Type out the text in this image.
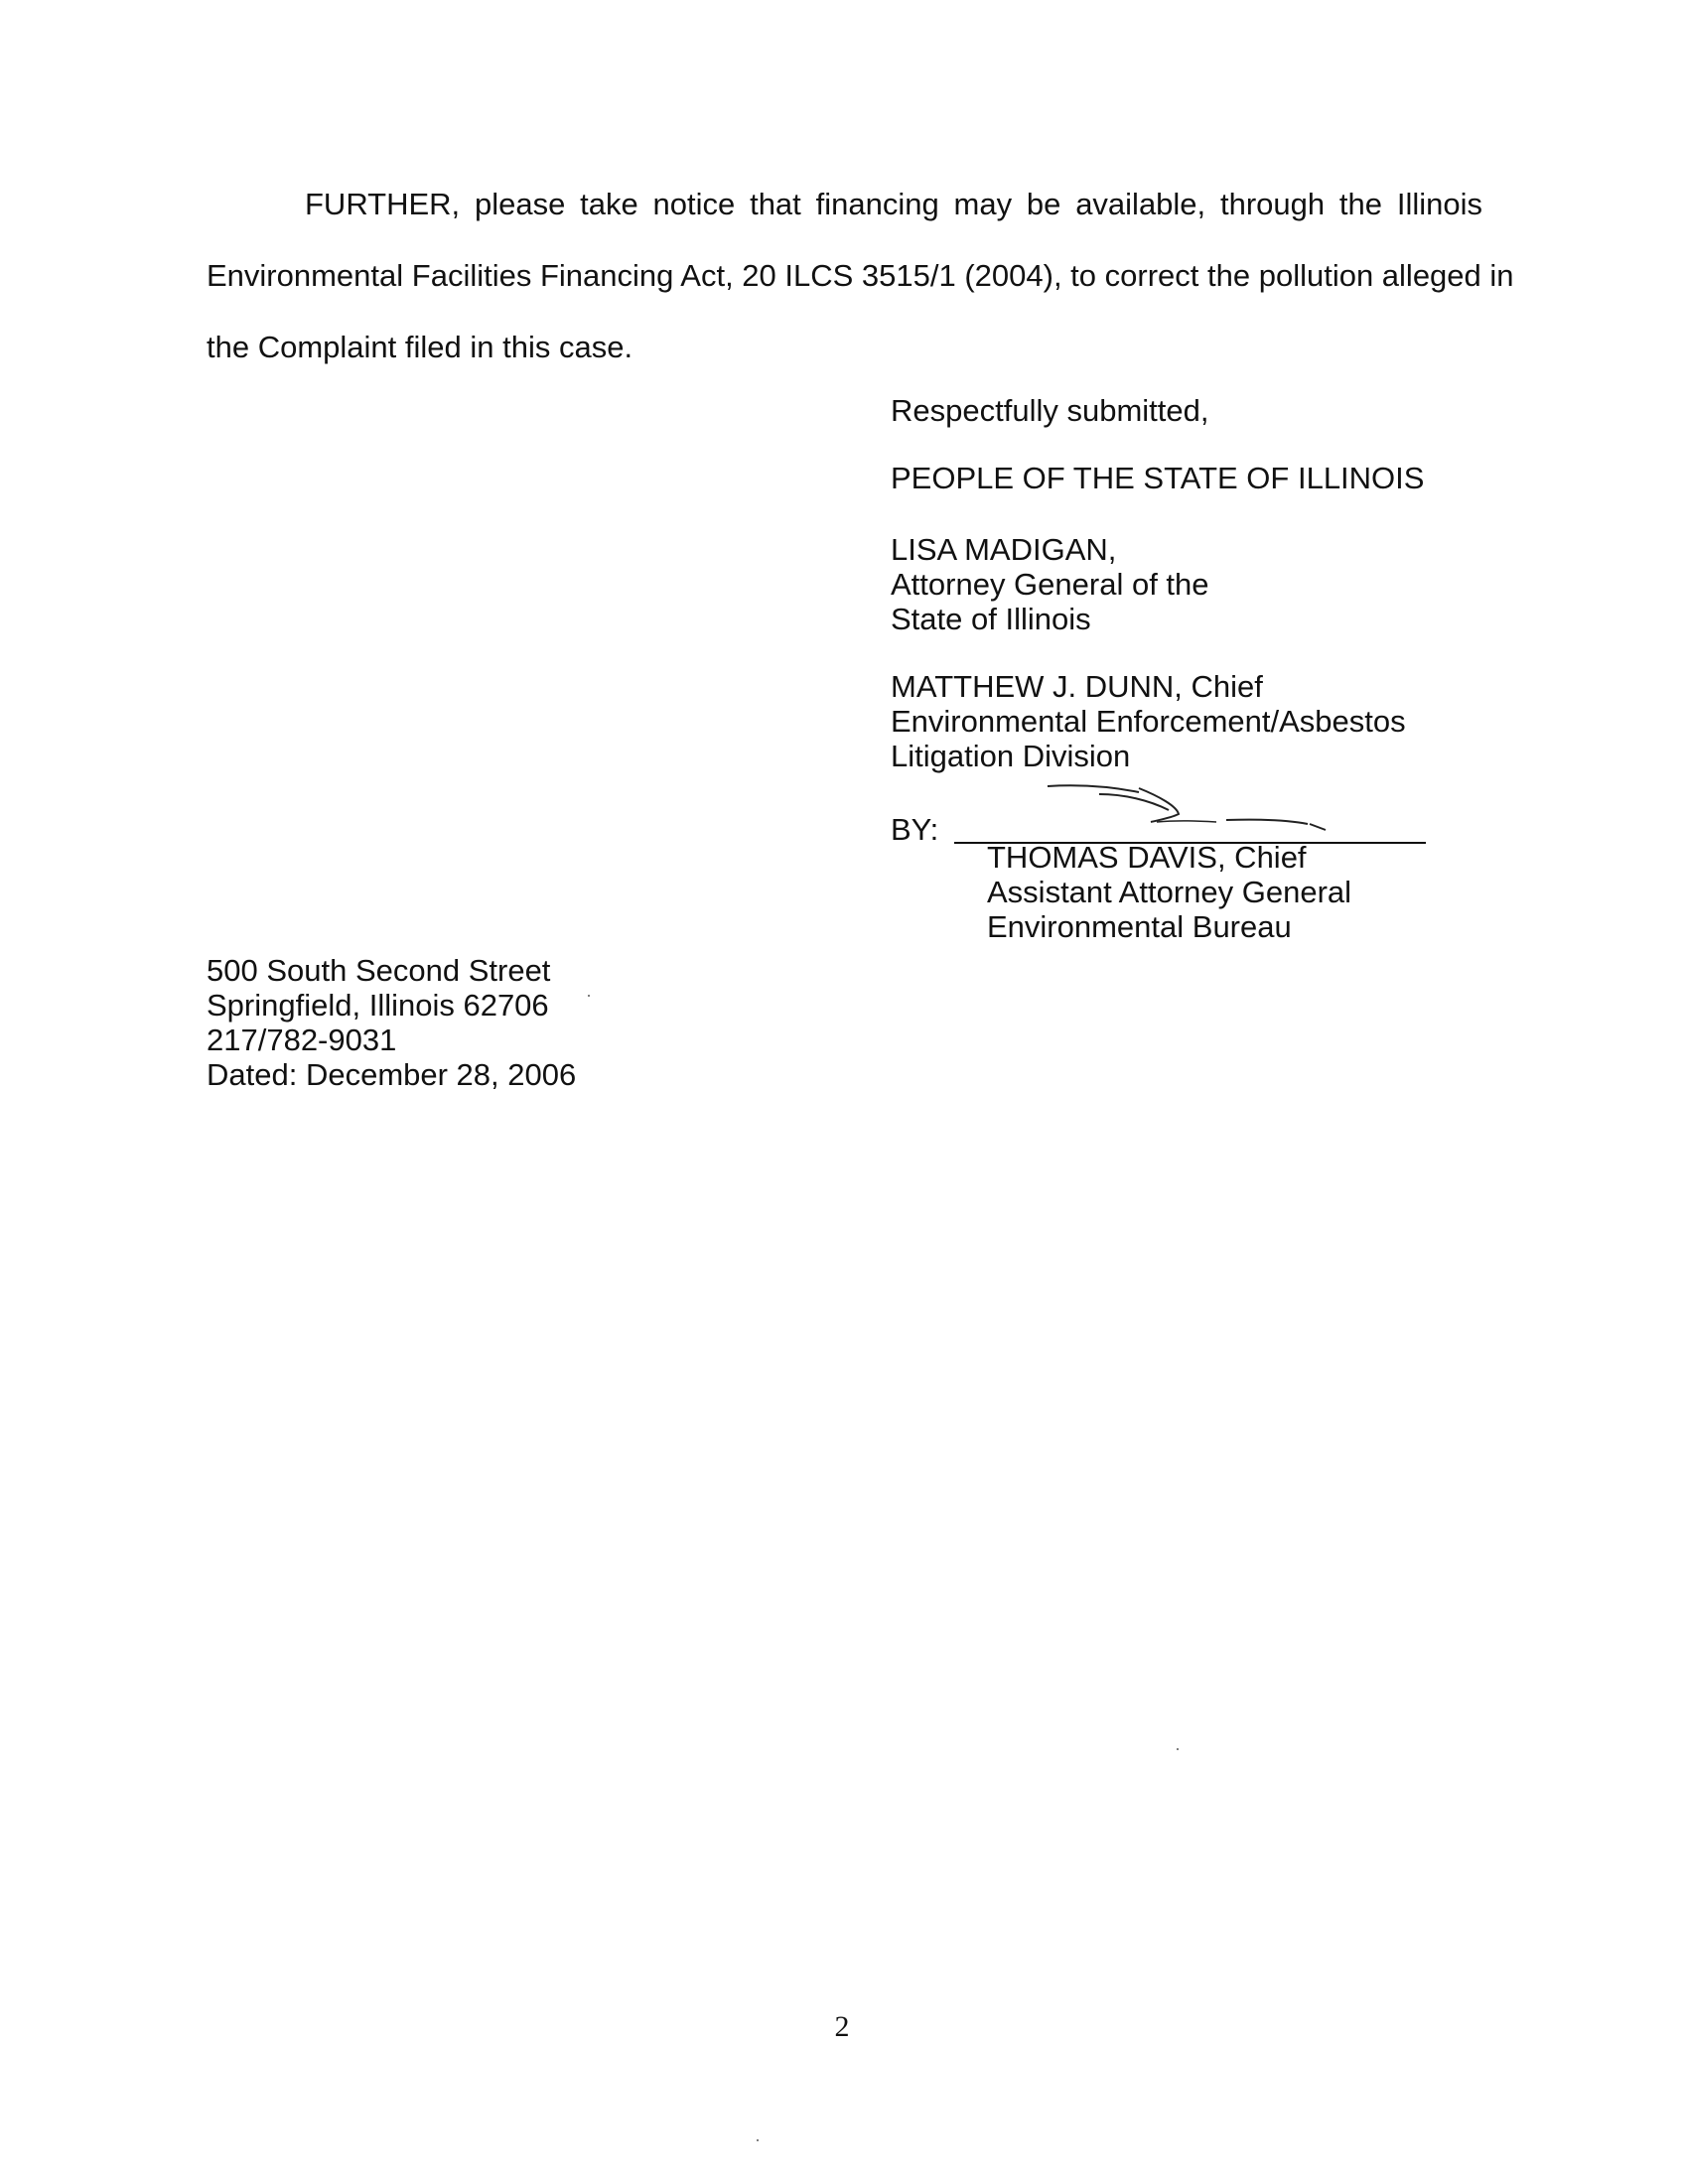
FURTHER, please take notice that financing may be available, through the Illinois
Environmental Facilities Financing Act, 20 ILCS 3515/1 (2004), to correct the pollution alleged in
the Complaint filed in this case.
Respectfully submitted,
PEOPLE OF THE STATE OF ILLINOIS
LISA MADIGAN,
Attorney General of the
State of Illinois
MATTHEW J. DUNN, Chief
Environmental Enforcement/Asbestos
Litigation Division
BY:
THOMAS DAVIS, Chief
Assistant Attorney General
Environmental Bureau
500 South Second Street
Springfield, Illinois 62706
217/782-9031
Dated: December 28, 2006
2
